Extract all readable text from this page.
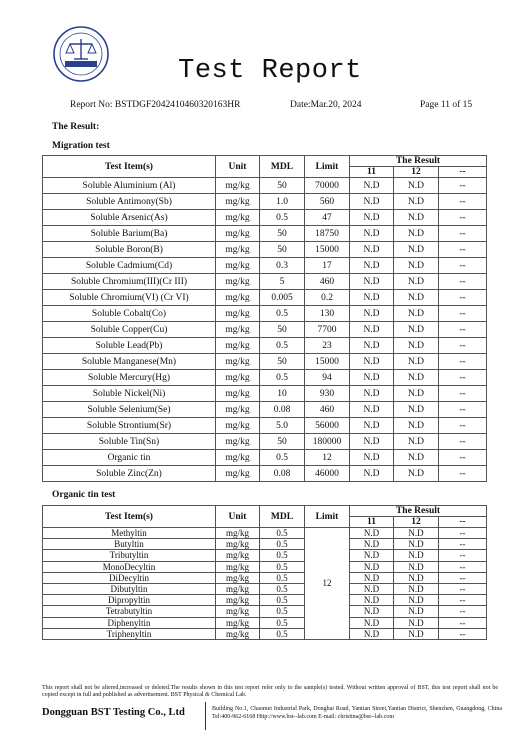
Test Report
Report No: BSTDGF2042410460320163HR	Date:Mar.20, 2024	Page 11 of 15
The Result:
Migration test
Test Item(s)	Unit	MDL	Limit	The Result		
				11	12	--
Soluble Aluminium (Al)	mg/kg	50	70000	N.D	N.D	--
Soluble Antimony(Sb)	mg/kg	1.0	560	N.D	N.D	--
Soluble Arsenic(As)	mg/kg	0.5	47	N.D	N.D	--
Soluble Barium(Ba)	mg/kg	50	18750	N.D	N.D	--
Soluble Boron(B)	mg/kg	50	15000	N.D	N.D	--
Soluble Cadmium(Cd)	mg/kg	0.3	17	N.D	N.D	--
Soluble Chromium(III)(Cr III)	mg/kg	5	460	N.D	N.D	--
Soluble Chromium(VI) (Cr VI)	mg/kg	0.005	0.2	N.D	N.D	--
Soluble Cobalt(Co)	mg/kg	0.5	130	N.D	N.D	--
Soluble Copper(Cu)	mg/kg	50	7700	N.D	N.D	--
Soluble Lead(Pb)	mg/kg	0.5	23	N.D	N.D	--
Soluble Manganese(Mn)	mg/kg	50	15000	N.D	N.D	--
Soluble Mercury(Hg)	mg/kg	0.5	94	N.D	N.D	--
Soluble Nickel(Ni)	mg/kg	10	930	N.D	N.D	--
Soluble Selenium(Se)	mg/kg	0.08	460	N.D	N.D	--
Soluble Strontium(Sr)	mg/kg	5.0	56000	N.D	N.D	--
Soluble Tin(Sn)	mg/kg	50	180000	N.D	N.D	--
Organic tin	mg/kg	0.5	12	N.D	N.D	--
Soluble Zinc(Zn)	mg/kg	0.08	46000	N.D	N.D	--
Organic tin test
Test Item(s)	Unit	MDL	Limit	The Result		
				11	12	--
Methyltin	mg/kg	0.5	12	N.D	N.D	--
Butyltin	mg/kg	0.5		N.D	N.D	--
Tributyltin	mg/kg	0.5		N.D	N.D	--
MonoDecyltin	mg/kg	0.5		N.D	N.D	--
DiDecyltin	mg/kg	0.5		N.D	N.D	--
Dibutyltin	mg/kg	0.5		N.D	N.D	--
Dipropyltin	mg/kg	0.5		N.D	N.D	--
Tetrabutyltin	mg/kg	0.5		N.D	N.D	--
Diphenyltin	mg/kg	0.5		N.D	N.D	--
Triphenyltin	mg/kg	0.5		N.D	N.D	--
This report shall not be altered,increased or deleted.The results shown in this test report refer only to the sample(s) tested. Without written approval of BST, this test report shall not be copied except in full and published as advertisement. BST Physical & Chemical Lab.
Dongguan BST Testing Co., Ltd	Building No.1, Chaomei Industrial Park, Donghai Road, Yantian Street,Yantian District, Shenzhen, Guangdong, China Tel:400-962-6168 Http://www.bst--lab.com E-mail: christina@bst--lab.com
